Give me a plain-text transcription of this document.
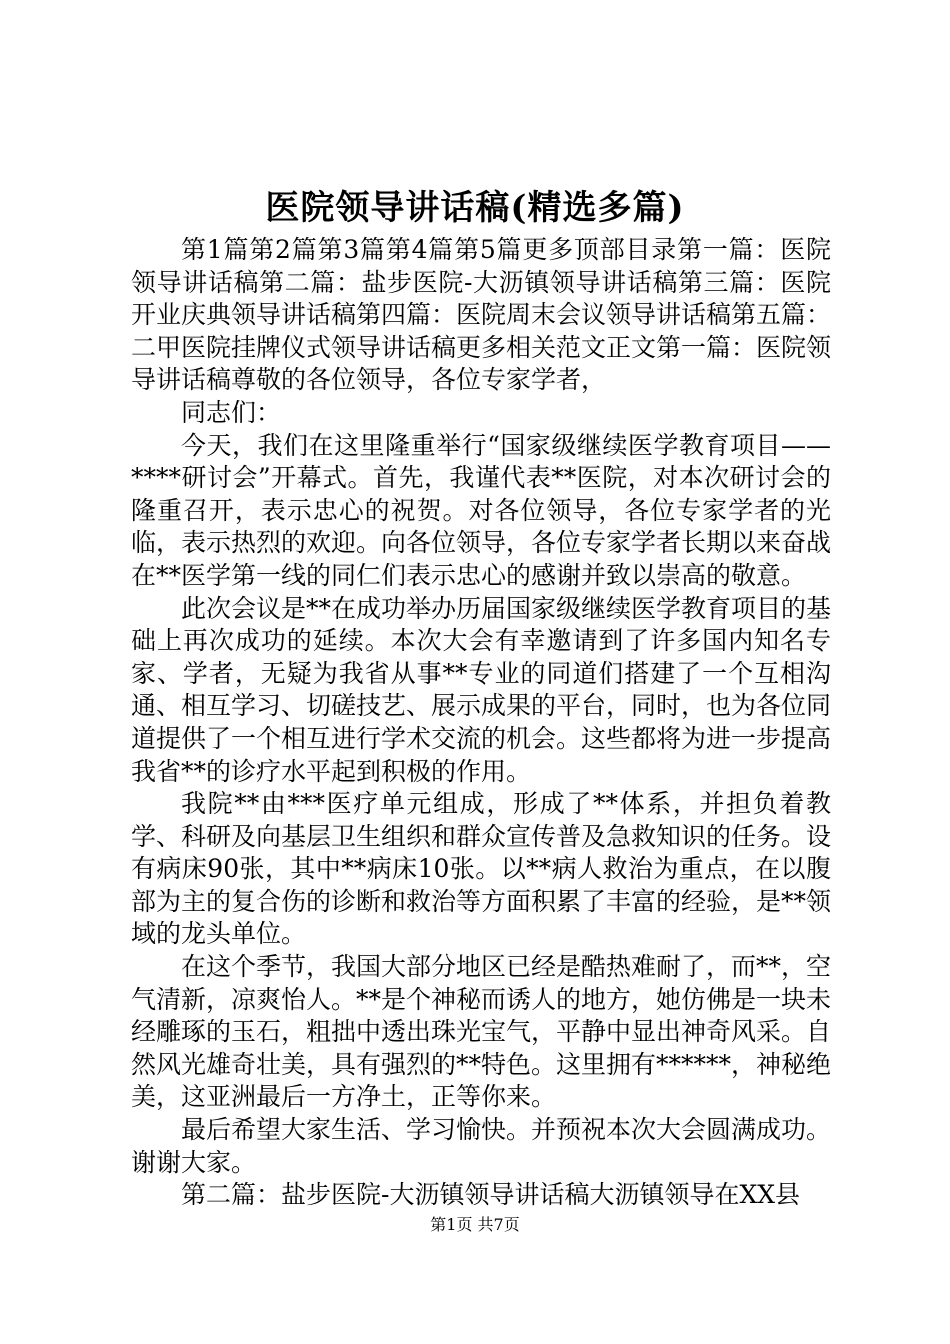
医院领导讲话稿(精选多篇)

第1篇第2篇第3篇第4篇第5篇更多顶部目录第一篇：医院领导讲话稿第二篇：盐步医院-大沥镇领导讲话稿第三篇：医院开业庆典领导讲话稿第四篇：医院周末会议领导讲话稿第五篇：二甲医院挂牌仪式领导讲话稿更多相关范文正文第一篇：医院领导讲话稿尊敬的各位领导，各位专家学者，

同志们：

今天，我们在这里隆重举行“国家级继续医学教育项目——****研讨会”开幕式。首先，我谨代表**医院，对本次研讨会的隆重召开，表示忠心的祝贺。对各位领导，各位专家学者的光临，表示热烈的欢迎。向各位领导，各位专家学者长期以来奋战在**医学第一线的同仁们表示忠心的感谢并致以崇高的敬意。

此次会议是**在成功举办历届国家级继续医学教育项目的基础上再次成功的延续。本次大会有幸邀请到了许多国内知名专家、学者，无疑为我省从事**专业的同道们搭建了一个互相沟通、相互学习、切磋技艺、展示成果的平台，同时，也为各位同道提供了一个相互进行学术交流的机会。这些都将为进一步提高我省**的诊疗水平起到积极的作用。

我院**由***医疗单元组成，形成了**体系，并担负着教学、科研及向基层卫生组织和群众宣传普及急救知识的任务。设有病床90张，其中**病床10张。以**病人救治为重点，在以腹部为主的复合伤的诊断和救治等方面积累了丰富的经验，是**领域的龙头单位。

在这个季节，我国大部分地区已经是酷热难耐了，而**，空气清新，凉爽怡人。**是个神秘而诱人的地方，她仿佛是一块未经雕琢的玉石，粗拙中透出珠光宝气，平静中显出神奇风采。自然风光雄奇壮美，具有强烈的**特色。这里拥有******，神秘绝美，这亚洲最后一方净土，正等你来。

最后希望大家生活、学习愉快。并预祝本次大会圆满成功。谢谢大家。

第二篇：盐步医院-大沥镇领导讲话稿大沥镇领导在XX县

第1页 共7页
